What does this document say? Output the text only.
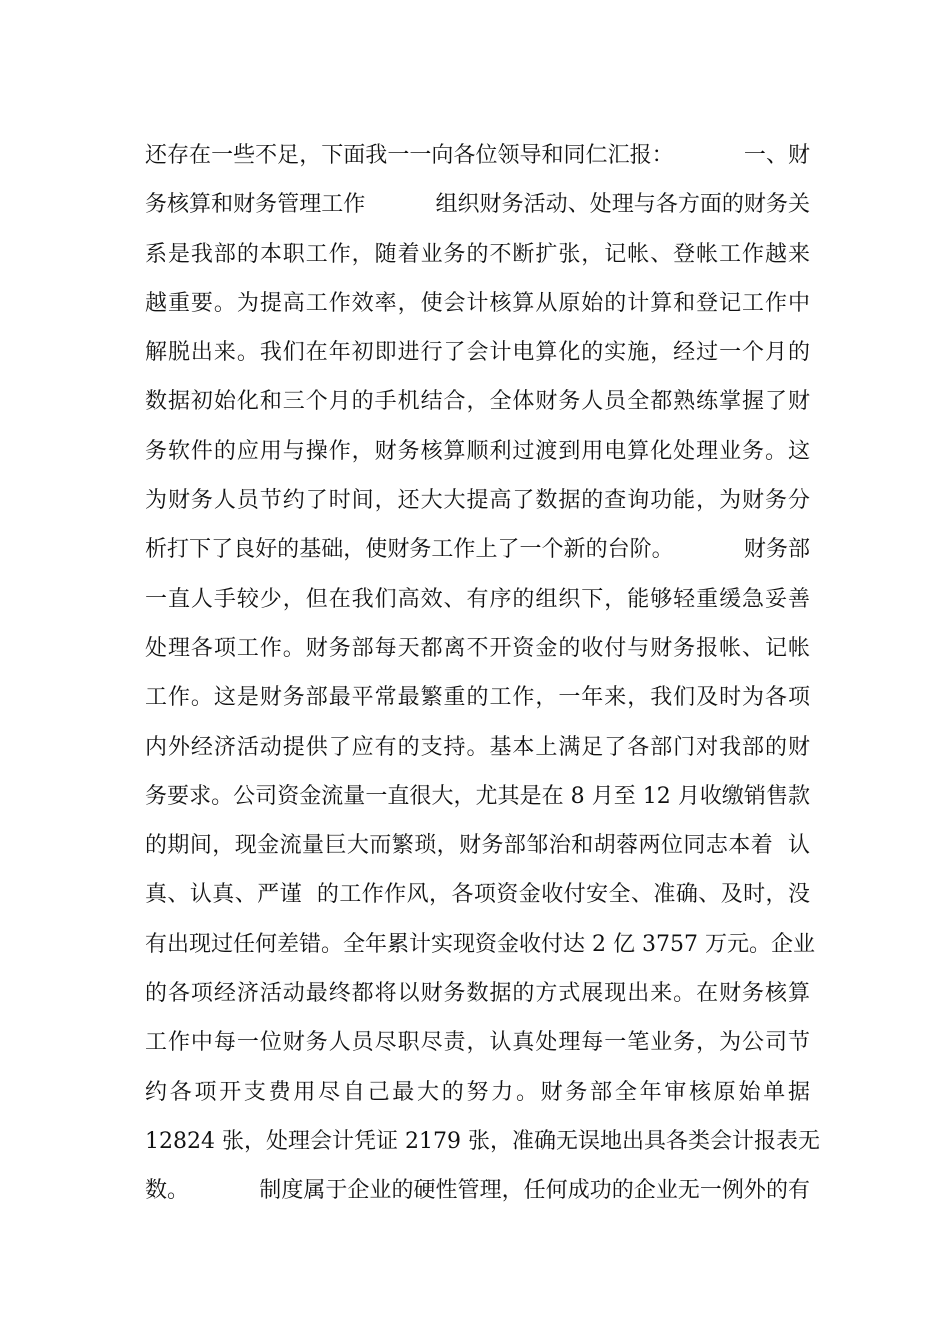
还存在一些不足，下面我一一向各位领导和同仁汇报：          一、财
务核算和财务管理工作          组织财务活动、处理与各方面的财务关
系是我部的本职工作，随着业务的不断扩张，记帐、登帐工作越来
越重要。为提高工作效率，使会计核算从原始的计算和登记工作中
解脱出来。我们在年初即进行了会计电算化的实施，经过一个月的
数据初始化和三个月的手机结合，全体财务人员全都熟练掌握了财
务软件的应用与操作，财务核算顺利过渡到用电算化处理业务。这
为财务人员节约了时间，还大大提高了数据的查询功能，为财务分
析打下了良好的基础，使财务工作上了一个新的台阶。          财务部
一直人手较少，但在我们高效、有序的组织下，能够轻重缓急妥善
处理各项工作。财务部每天都离不开资金的收付与财务报帐、记帐
工作。这是财务部最平常最繁重的工作，一年来，我们及时为各项
内外经济活动提供了应有的支持。基本上满足了各部门对我部的财
务要求。公司资金流量一直很大，尤其是在 8 月至 12 月收缴销售款
的期间，现金流量巨大而繁琐，财务部邹治和胡蓉两位同志本着  认
真、认真、严谨  的工作作风，各项资金收付安全、准确、及时，没
有出现过任何差错。全年累计实现资金收付达 2 亿 3757 万元。企业
的各项经济活动最终都将以财务数据的方式展现出来。在财务核算
工作中每一位财务人员尽职尽责，认真处理每一笔业务，为公司节
约各项开支费用尽自己最大的努力。财务部全年审核原始单据
12824 张，处理会计凭证 2179 张，准确无误地出具各类会计报表无
数。          制度属于企业的硬性管理，任何成功的企业无一例外的有
